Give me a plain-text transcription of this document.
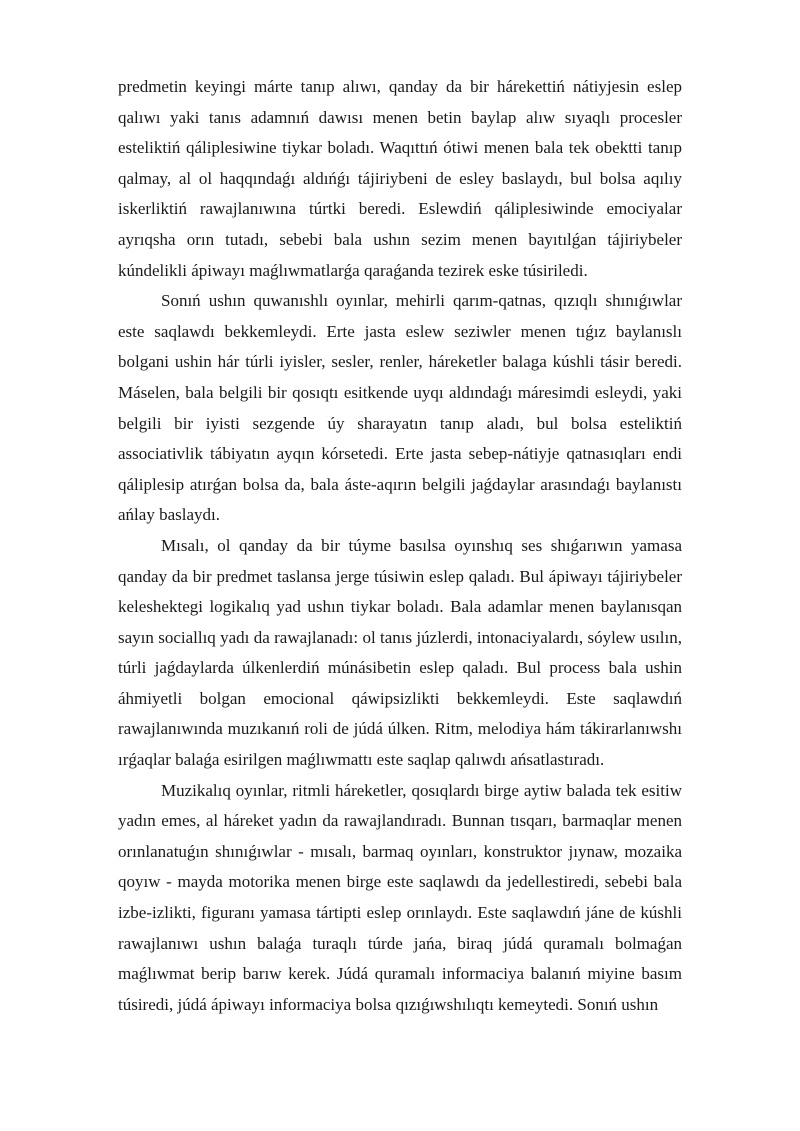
predmetin keyingi márte tanıp alıwı, qanday da bir hárekettiń nátiyjesin eslep qalıwı yaki tanıs adamnıń dawısı menen betin baylap alıw sıyaqlı procesler esteliktiń qáliplesiwine tiykar boladı. Waqıttıń ótiwi menen bala tek obektti tanıp qalmay, al ol haqqındaǵı aldıńǵı tájiriybeni de esley baslaydı, bul bolsa aqılıy iskerliktiń rawajlanıwına túrtki beredi. Eslewdiń qáliplesiwinde emociyalar ayrıqsha orın tutadı, sebebi bala ushın sezim menen bayıtılǵan tájiriybeler kúndelikli ápiwayı maǵlıwmatlarǵa qaraǵanda tezirek eske túsiriledi.

Sonıń ushın quwanıshlı oyınlar, mehirli qarım-qatnas, qızıqlı shınıǵıwlar este saqlawdı bekkemleydi. Erte jasta eslew seziwler menen tıǵız baylanıslı bolgani ushin hár túrli iyisler, sesler, renler, háreketler balaga kúshli tásir beredi. Máselen, bala belgili bir qosıqtı esitkende uyqı aldındaǵı máresimdi esleydi, yaki belgili bir iyisti sezgende úy sharayatın tanıp aladı, bul bolsa esteliktiń associativlik tábiyatın ayqın kórsetedi. Erte jasta sebep-nátiyje qatnasıqları endi qáliplesip atırǵan bolsa da, bala áste-aqırın belgili jaǵdaylar arasındaǵı baylanıstı ańlay baslaydı.

Mısalı, ol qanday da bir túyme basılsa oyınshıq ses shıǵarıwın yamasa qanday da bir predmet taslansa jerge túsiwin eslep qaladı. Bul ápiwayı tájiriybeler keleshektegi logikalıq yad ushın tiykar boladı. Bala adamlar menen baylanısqan sayın sociallıq yadı da rawajlanadı: ol tanıs júzlerdi, intonaciyalardı, sóylew usılın, túrli jaǵdaylarda úlkenlerdiń múnásibetin eslep qaladı. Bul process bala ushin áhmiyetli bolgan emocional qáwipsizlikti bekkemleydi. Este saqlawdıń rawajlanıwında muzıkanıń roli de júdá úlken. Ritm, melodiya hám tákirarlanıwshı ırǵaqlar balaǵa esirilgen maǵlıwmattı este saqlap qalıwdı ańsatlastıradı.

Muzikalıq oyınlar, ritmli háreketler, qosıqlardı birge aytiw balada tek esitiw yadın emes, al háreket yadın da rawajlandıradı. Bunnan tısqarı, barmaqlar menen orınlanatuǵın shınıǵıwlar - mısalı, barmaq oyınları, konstruktor jıynaw, mozaika qoyıw - mayda motorika menen birge este saqlawdı da jedellestiredi, sebebi bala izbe-izlikti, figuranı yamasa tártipti eslep orınlaydı. Este saqlawdıń jáne de kúshli rawajlanıwı ushın balaǵa turaqlı túrde jańa, biraq júdá quramalı bolmaǵan maǵlıwmat berip barıw kerek. Júdá quramalı informaciya balanıń miyine basım túsiredi, júdá ápiwayı informaciya bolsa qızıǵıwshılıqtı kemeytedi. Sonıń ushın
